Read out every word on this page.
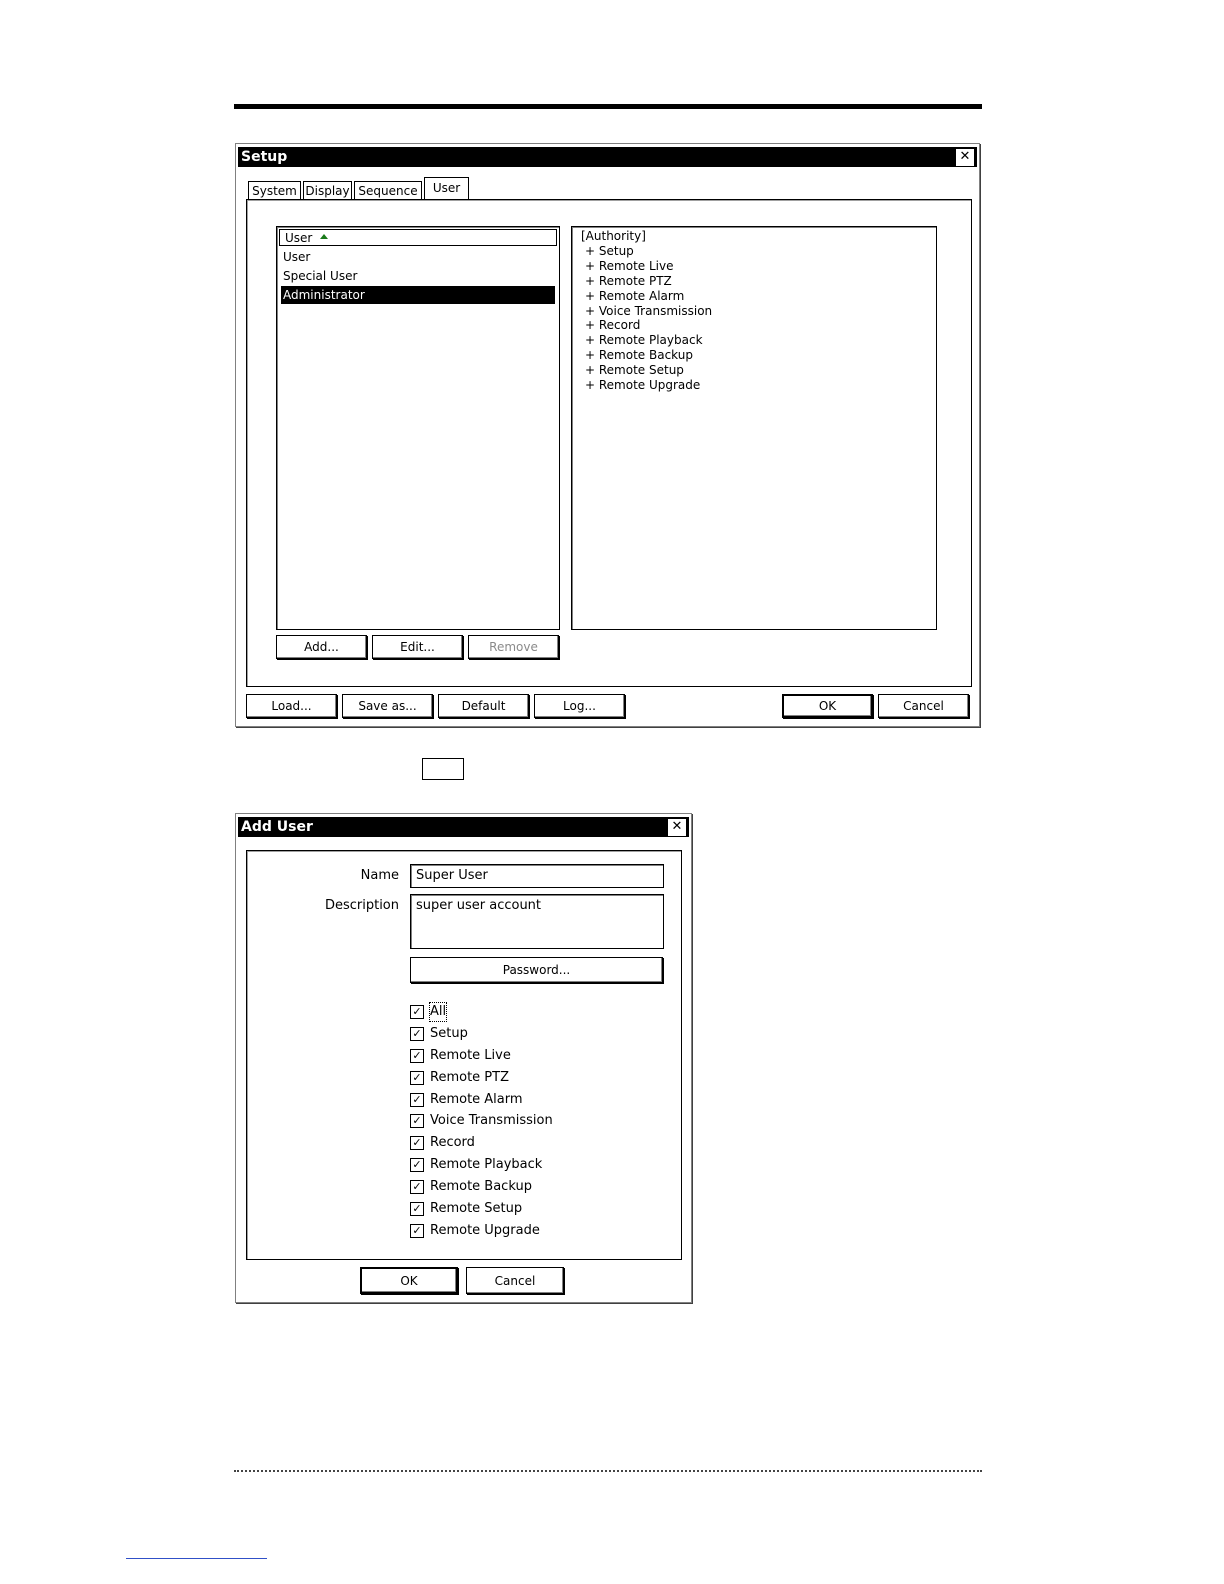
Setup	✕
System Display Sequence	User
User
User
Special User
Administrator
[Authority]
+ Setup
+ Remote Live
+ Remote PTZ
+ Remote Alarm
+ Voice Transmission
+ Record
+ Remote Playback
+ Remote Backup
+ Remote Setup
+ Remote Upgrade
Add...	Edit...	Remove
Load...	Save as...	Default	Log...	OK	Cancel
Add User	✕
Name	Super User
Description	super user account
Password...
✓ All
✓ Setup
✓ Remote Live
✓ Remote PTZ
✓ Remote Alarm
✓ Voice Transmission
✓ Record
✓ Remote Playback
✓ Remote Backup
✓ Remote Setup
✓ Remote Upgrade
OK	Cancel
